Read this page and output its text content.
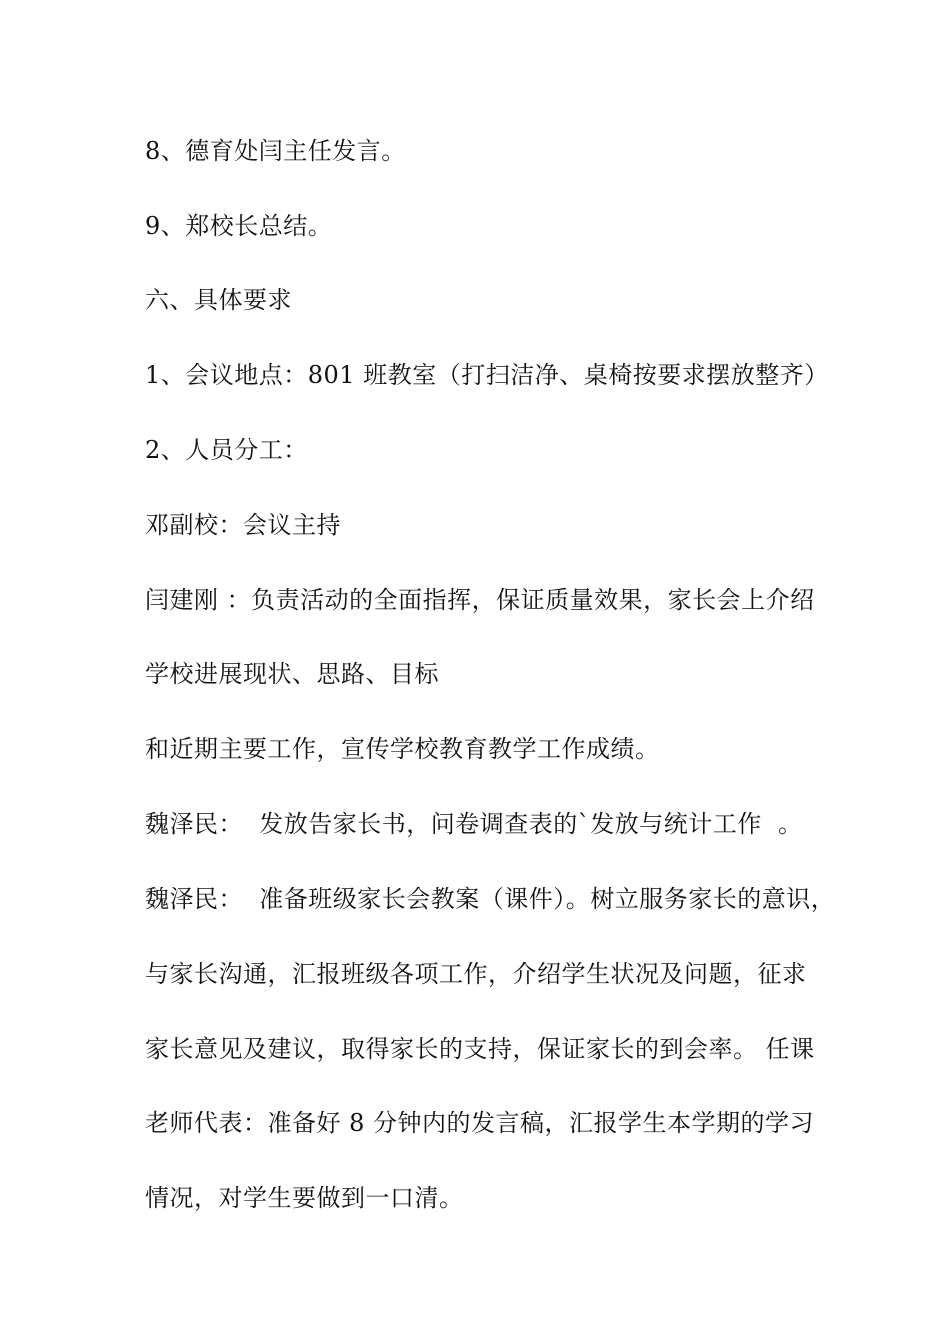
8、德育处闫主任发言。
9、郑校长总结。
六、具体要求
1、会议地点：801 班教室（打扫洁净、桌椅按要求摆放整齐）
2、人员分工：
邓副校：会议主持
闫建刚 ：负责活动的全面指挥，保证质量效果，家长会上介绍
学校进展现状、思路、目标
和近期主要工作，宣传学校教育教学工作成绩。
魏泽民：  发放告家长书，问卷调查表的`发放与统计工作  。
魏泽民：  准备班级家长会教案（课件）。树立服务家长的意识，
与家长沟通，汇报班级各项工作，介绍学生状况及问题，征求
家长意见及建议，取得家长的支持，保证家长的到会率。 任课
老师代表：准备好 8 分钟内的发言稿，汇报学生本学期的学习
情况，对学生要做到一口清。
